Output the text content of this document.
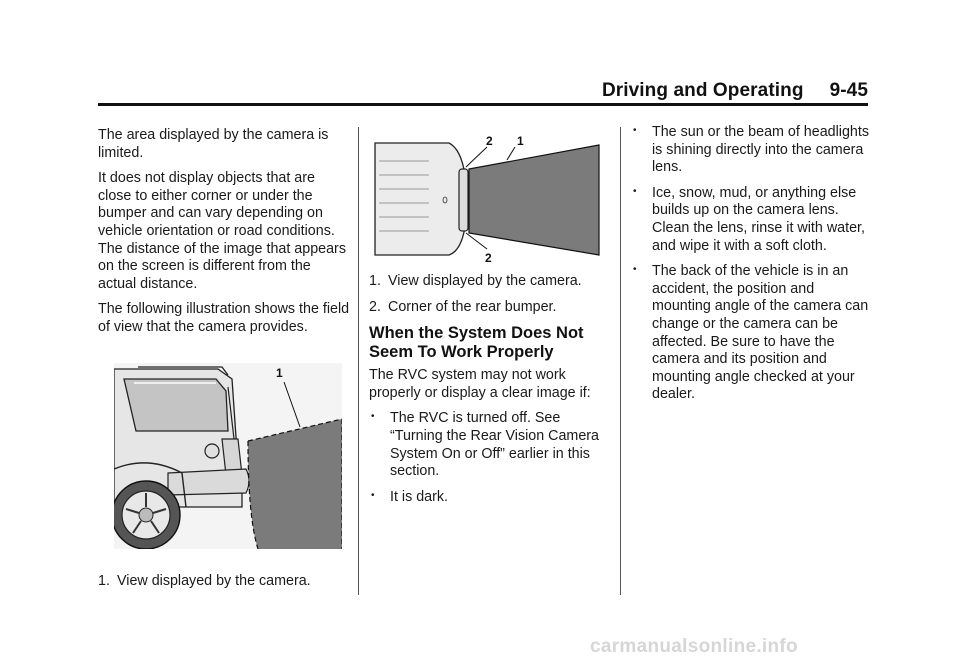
Driving and Operating 9-45

The area displayed by the camera is limited.

It does not display objects that are close to either corner or under the bumper and can vary depending on vehicle orientation or road conditions. The distance of the image that appears on the screen is different from the actual distance.

The following illustration shows the field of view that the camera provides.

1
1. View displayed by the camera.
2 1
2
1. View displayed by the camera.
2. Corner of the rear bumper.
When the System Does Not Seem To Work Properly

The RVC system may not work properly or display a clear image if:

•	The RVC is turned off. See “Turning the Rear Vision Camera System On or Off” earlier in this section.
•	It is dark.
•	The sun or the beam of headlights is shining directly into the camera lens.
•	Ice, snow, mud, or anything else builds up on the camera lens. Clean the lens, rinse it with water, and wipe it with a soft cloth.
•	The back of the vehicle is in an accident, the position and mounting angle of the camera can change or the camera can be affected. Be sure to have the camera and its position and mounting angle checked at your dealer.
carmanualsonline.info
